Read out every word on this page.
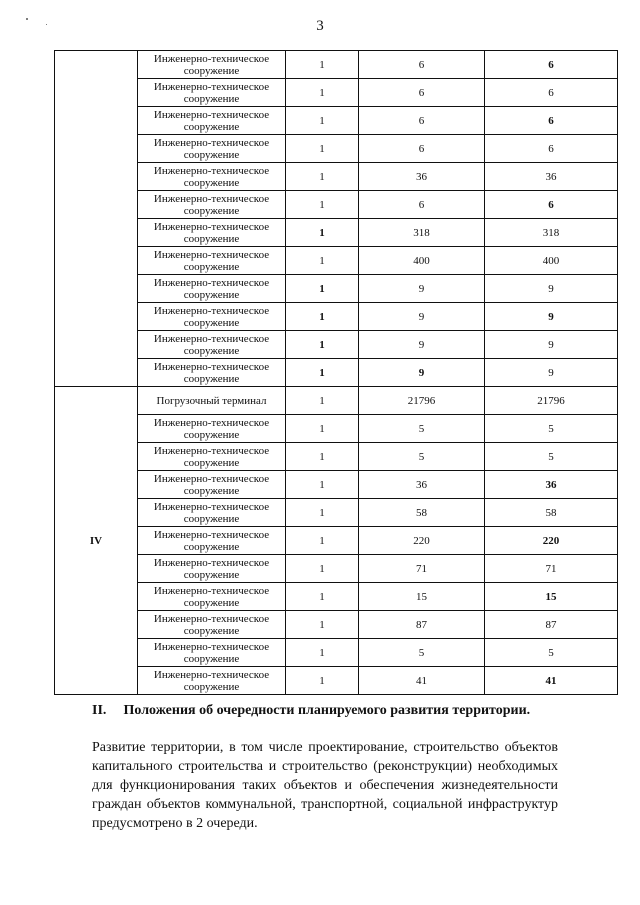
3
	Инженерно-техническое сооружение	1	6	6
	Инженерно-техническое сооружение	1	6	6
	Инженерно-техническое сооружение	1	6	6
	Инженерно-техническое сооружение	1	6	6
	Инженерно-техническое сооружение	1	36	36
	Инженерно-техническое сооружение	1	6	6
	Инженерно-техническое сооружение	1	318	318
	Инженерно-техническое сооружение	1	400	400
	Инженерно-техническое сооружение	1	9	9
	Инженерно-техническое сооружение	1	9	9
	Инженерно-техническое сооружение	1	9	9
	Инженерно-техническое сооружение	1	9	9
IV	Погрузочный терминал	1	21796	21796
	Инженерно-техническое сооружение	1	5	5
	Инженерно-техническое сооружение	1	5	5
	Инженерно-техническое сооружение	1	36	36
	Инженерно-техническое сооружение	1	58	58
	Инженерно-техническое сооружение	1	220	220
	Инженерно-техническое сооружение	1	71	71
	Инженерно-техническое сооружение	1	15	15
	Инженерно-техническое сооружение	1	87	87
	Инженерно-техническое сооружение	1	5	5
	Инженерно-техническое сооружение	1	41	41
II. Положения об очередности планируемого развития территории.
Развитие территории, в том числе проектирование, строительство объектов капитального строительства и строительство (реконструкции) необходимых для функционирования таких объектов и обеспечения жизнедеятельности граждан объектов коммунальной, транспортной, социальной инфраструктур предусмотрено в 2 очереди.
